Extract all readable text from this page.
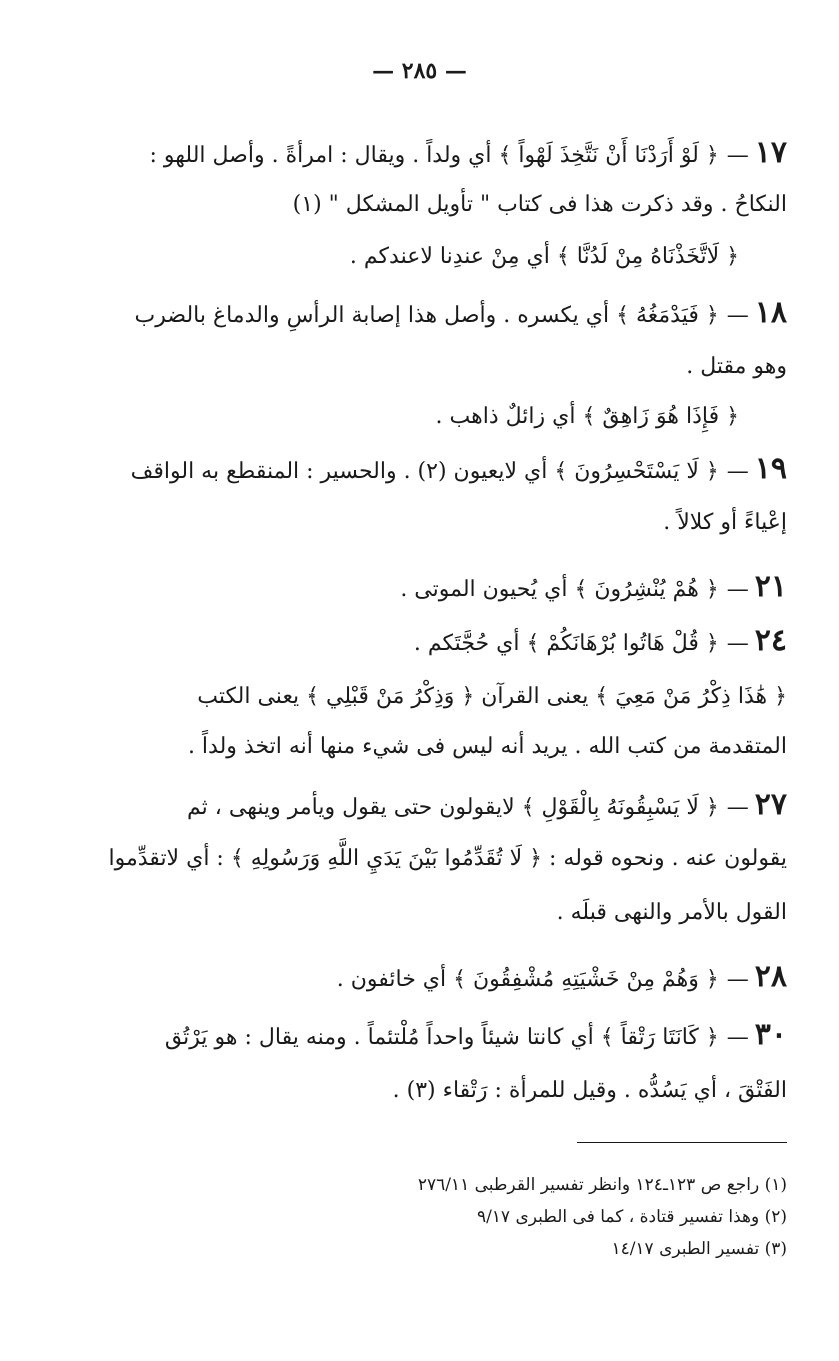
— ٢٨٥ —
١٧—﴿ لَوْ أَرَدْنَا أَنْ نَتَّخِذَ لَهْواً ﴾ أي ولداً . ويقال : امرأةً . وأصل اللهو :
النكاحُ . وقد ذكرت هذا فى كتاب " تأويل المشكل " (١)
﴿ لَاتَّخَذْنَاهُ مِنْ لَدُنَّا ﴾ أي مِنْ عندِنا لاعندكم .
١٨—﴿ فَيَدْمَغُهُ ﴾ أي يكسره . وأصل هذا إصابة الرأسِ والدماغ بالضرب
وهو مقتل .
﴿ فَإِذَا هُوَ زَاهِقٌ ﴾ أي زائلٌ ذاهب .
١٩—﴿ لَا يَسْتَحْسِرُونَ ﴾ أي لايعيون (٢) . والحسير : المنقطع به الواقف
إعْياءً أو كلالاً .
٢١—﴿ هُمْ يُنْشِرُونَ ﴾ أي يُحيون الموتى .
٢٤—﴿ قُلْ هَاتُوا بُرْهَانَكُمْ ﴾ أي حُجَّتَكم .
﴿ هَٰذَا ذِكْرُ مَنْ مَعِيَ ﴾ يعنى القرآن ﴿ وَذِكْرُ مَنْ قَبْلِي ﴾ يعنى الكتب
المتقدمة من كتب الله . يريد أنه ليس فى شيء منها أنه اتخذ ولداً .
٢٧—﴿ لَا يَسْبِقُونَهُ بِالْقَوْلِ ﴾ لايقولون حتى يقول ويأمر وينهى ، ثم
يقولون عنه . ونحوه قوله : ﴿ لَا تُقَدِّمُوا بَيْنَ يَدَيِ اللَّهِ وَرَسُولِهِ ﴾ : أي لاتقدِّموا
القول بالأمر والنهى قبلَه .
٢٨—﴿ وَهُمْ مِنْ خَشْيَتِهِ مُشْفِقُونَ ﴾ أي خائفون .
٣٠—﴿ كَانَتَا رَتْقاً ﴾ أي كانتا شيئاً واحداً مُلْتئماً . ومنه يقال : هو يَرْتُق
الفَتْقَ ، أي يَسُدُّه . وقيل للمرأة : رَتْقاء (٣) .
(١) راجع ص ١٢٣ـ١٢٤ وانظر تفسير القرطبى ٢٧٦/١١
(٢) وهذا تفسير قتادة ، كما فى الطبرى ٩/١٧
(٣) تفسير الطبرى ١٤/١٧
